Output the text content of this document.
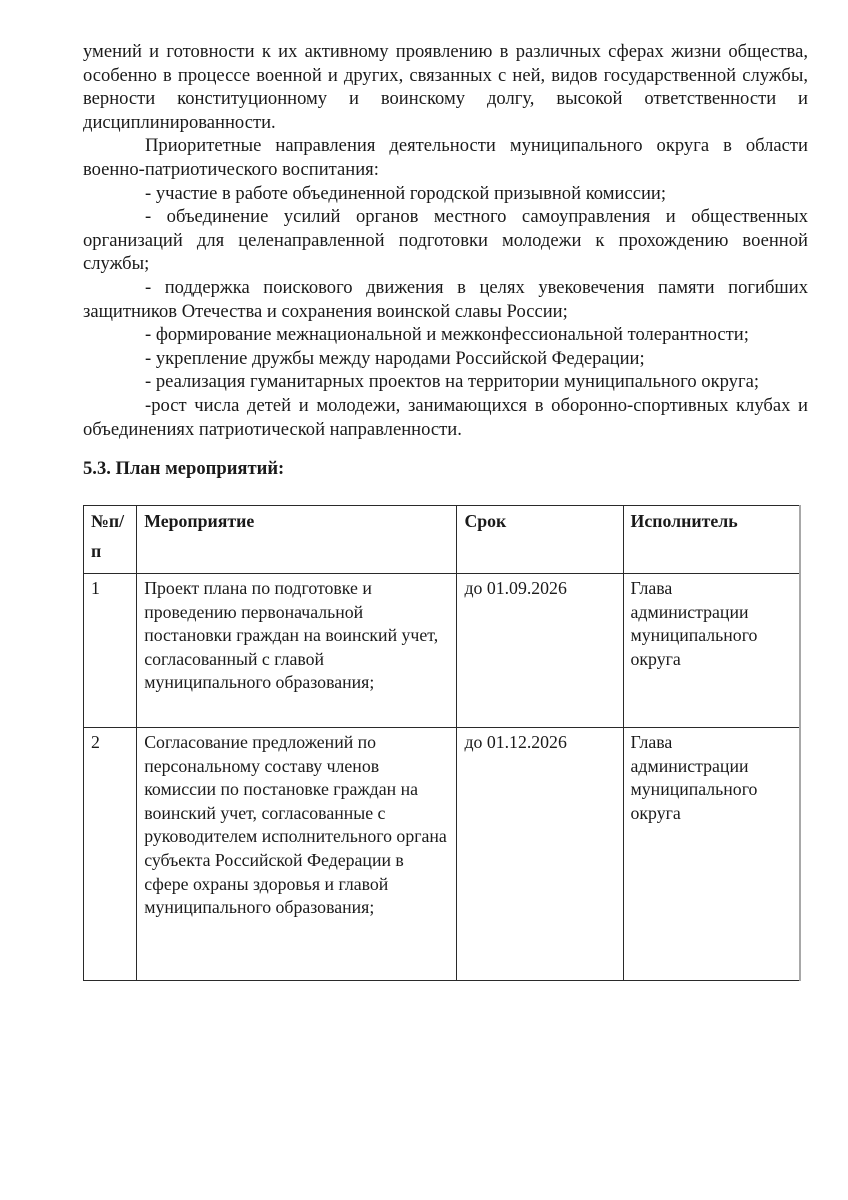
умений и готовности к их активному проявлению в различных сферах жизни общества, особенно в процессе военной и других, связанных с ней, видов государственной службы, верности конституционному и воинскому долгу, высокой ответственности и дисциплинированности.

Приоритетные направления деятельности муниципального округа в области военно-патриотического воспитания:

- участие в работе объединенной городской призывной комиссии;

- объединение усилий органов местного самоуправления и общественных организаций для целенаправленной подготовки молодежи к прохождению военной службы;

- поддержка поискового движения в целях увековечения памяти погибших защитников Отечества и сохранения воинской славы России;

- формирование межнациональной и межконфессиональной толерантности;

- укрепление дружбы между народами Российской Федерации;

- реализация гуманитарных проектов на территории муниципального округа;

-рост числа детей и молодежи, занимающихся в оборонно-спортивных клубах и объединениях патриотической направленности.

5.3. План мероприятий:
№п/п	Мероприятие	Срок	Исполнитель
1	Проект плана по подготовке и проведению первоначальной постановки граждан на воинский учет, согласованный с главой муниципального образования;	до 01.09.2026	Глава администрации муниципального округа
2	Согласование предложений по персональному составу членов комиссии по постановке граждан на воинский учет, согласованные с руководителем исполнительного органа субъекта Российской Федерации в сфере охраны здоровья и главой муниципального образования;	до 01.12.2026	Глава администрации муниципального округа
